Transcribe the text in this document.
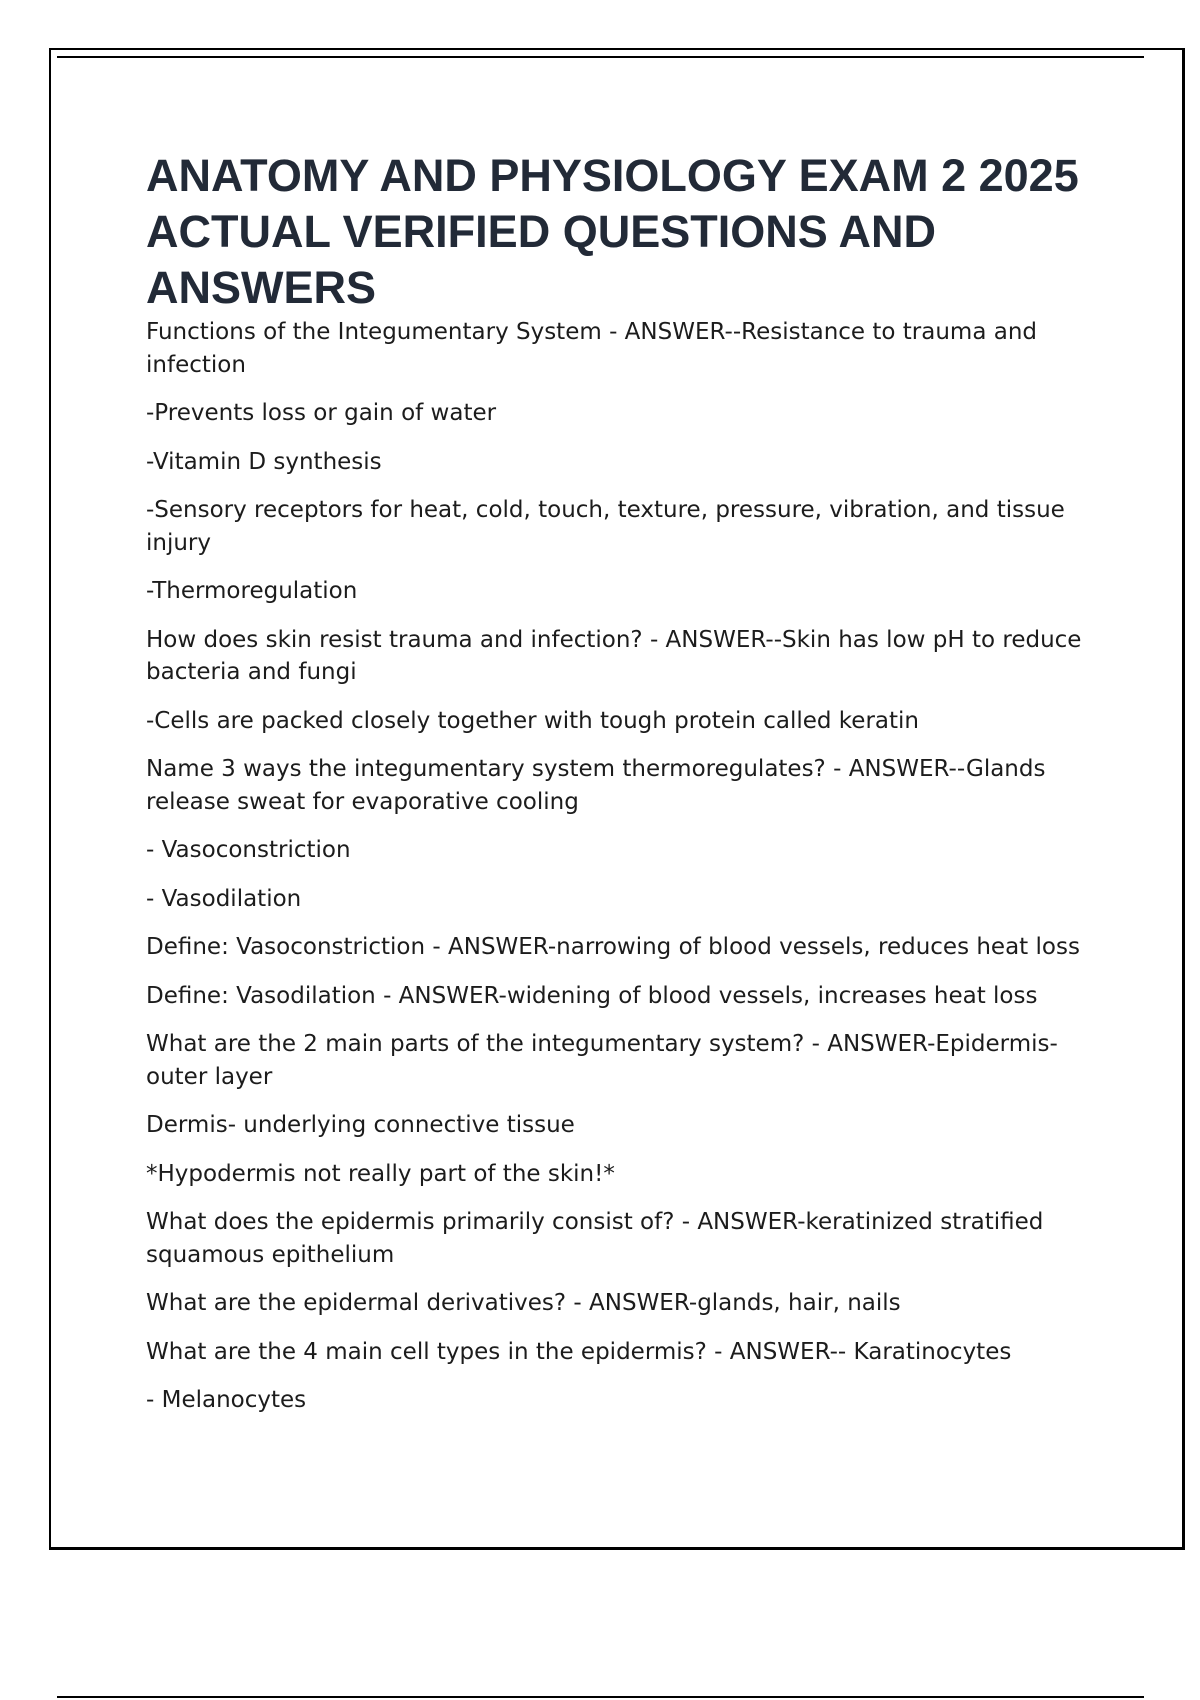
ANATOMY AND PHYSIOLOGY EXAM 2 2025 ACTUAL VERIFIED QUESTIONS AND ANSWERS

Functions of the Integumentary System - ANSWER--Resistance to trauma and infection

-Prevents loss or gain of water

-Vitamin D synthesis

-Sensory receptors for heat, cold, touch, texture, pressure, vibration, and tissue injury

-Thermoregulation

How does skin resist trauma and infection? - ANSWER--Skin has low pH to reduce bacteria and fungi

-Cells are packed closely together with tough protein called keratin

Name 3 ways the integumentary system thermoregulates? - ANSWER--Glands release sweat for evaporative cooling

- Vasoconstriction

- Vasodilation

Define: Vasoconstriction - ANSWER-narrowing of blood vessels, reduces heat loss

Define: Vasodilation - ANSWER-widening of blood vessels, increases heat loss

What are the 2 main parts of the integumentary system? - ANSWER-Epidermis- outer layer

Dermis- underlying connective tissue

*Hypodermis not really part of the skin!*

What does the epidermis primarily consist of? - ANSWER-keratinized stratified squamous epithelium

What are the epidermal derivatives? - ANSWER-glands, hair, nails

What are the 4 main cell types in the epidermis? - ANSWER-- Karatinocytes

- Melanocytes
